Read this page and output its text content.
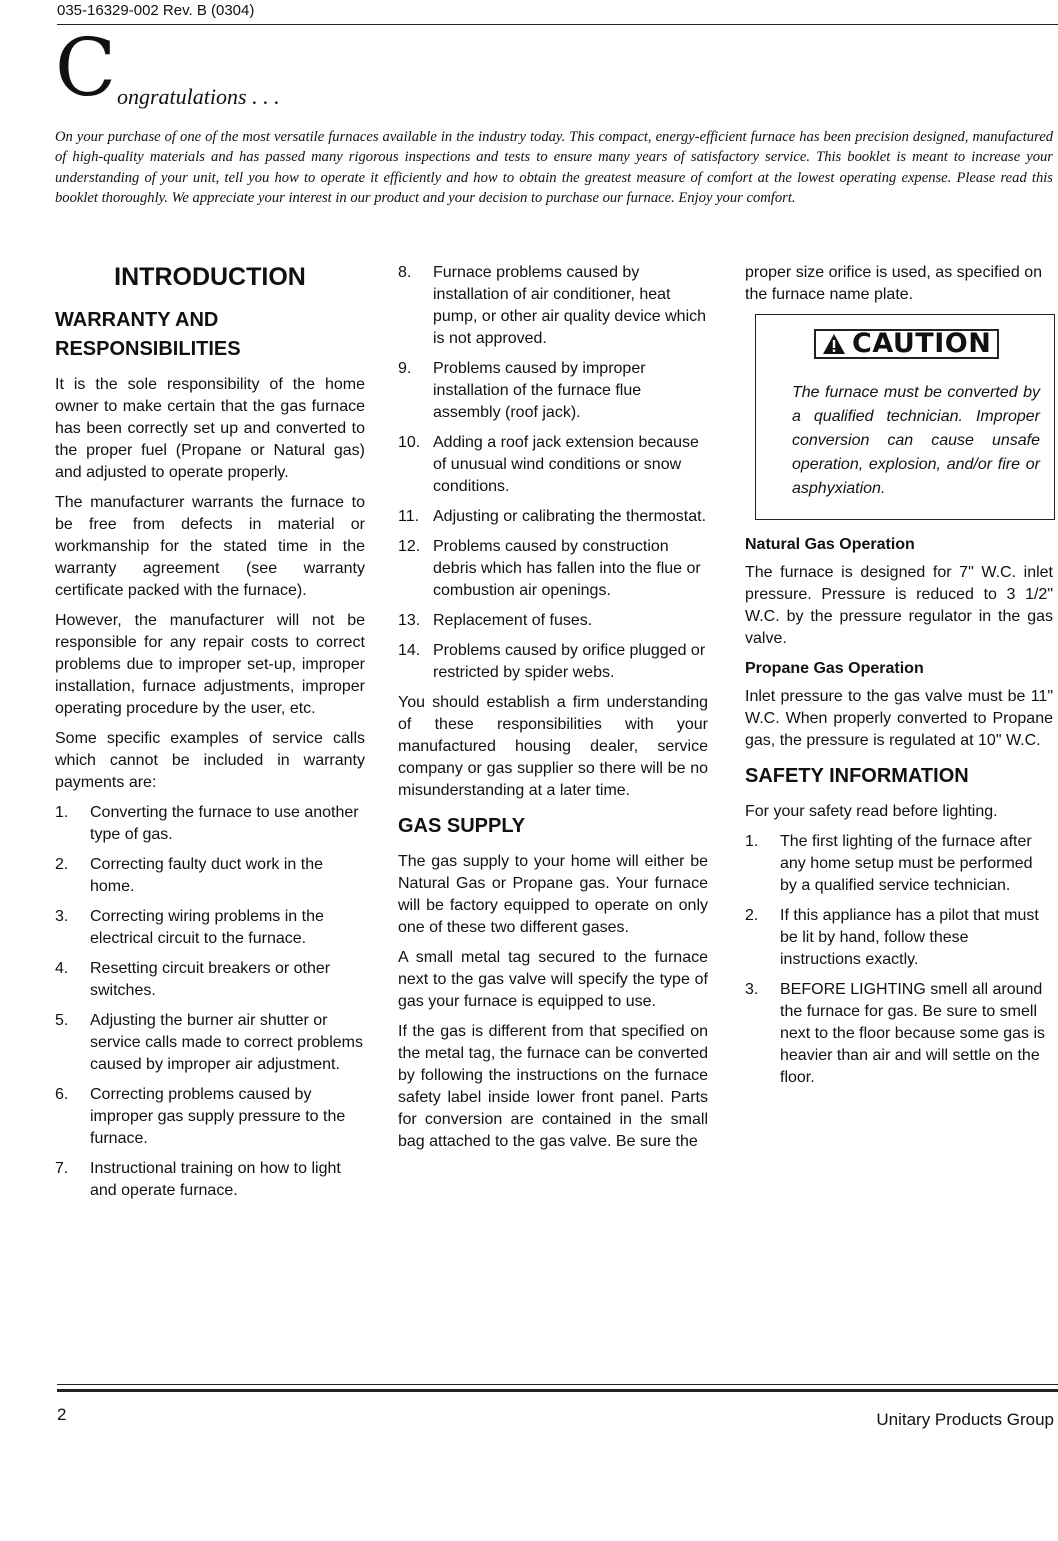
035-16329-002 Rev. B (0304)
C ongratulations . . .

On your purchase of one of the most versatile furnaces available in the industry today. This compact, energy-efficient furnace has been precision designed, manufactured of high-quality materials and has passed many rigorous inspections and tests to ensure many years of satisfactory service. This booklet is meant to increase your understanding of your unit, tell you how to operate it efficiently and how to obtain the greatest measure of comfort at the lowest operating expense. Please read this booklet thoroughly. We appreciate your interest in our product and your decision to purchase our furnace. Enjoy your comfort.

INTRODUCTION
WARRANTY AND RESPONSIBILITIES

It is the sole responsibility of the home owner to make certain that the gas furnace has been correctly set up and converted to the proper fuel (Propane or Natural gas) and adjusted to operate properly.

The manufacturer warrants the furnace to be free from defects in material or workmanship for the stated time in the warranty agreement (see warranty certificate packed with the furnace).

However, the manufacturer will not be responsible for any repair costs to correct problems due to improper set-up, improper installation, furnace adjustments, improper operating procedure by the user, etc.

Some specific examples of service calls which cannot be included in warranty payments are:

1. Converting the furnace to use another type of gas.
2. Correcting faulty duct work in the home.
3. Correcting wiring problems in the electrical circuit to the furnace.
4. Resetting circuit breakers or other switches.
5. Adjusting the burner air shutter or service calls made to correct problems caused by improper air adjustment.
6. Correcting problems caused by improper gas supply pressure to the furnace.
7. Instructional training on how to light and operate furnace.
8. Furnace problems caused by installation of air conditioner, heat pump, or other air quality device which is not approved.
9. Problems caused by improper installation of the furnace flue assembly (roof jack).
10. Adding a roof jack extension because of unusual wind conditions or snow conditions.
11. Adjusting or calibrating the thermostat.
12. Problems caused by construction debris which has fallen into the flue or combustion air openings.
13. Replacement of fuses.
14. Problems caused by orifice plugged or restricted by spider webs.

You should establish a firm understanding of these responsibilities with your manufactured housing dealer, service company or gas supplier so there will be no misunderstanding at a later time.

GAS SUPPLY

The gas supply to your home will either be Natural Gas or Propane gas. Your furnace will be factory equipped to operate on only one of these two different gases.

A small metal tag secured to the furnace next to the gas valve will specify the type of gas your furnace is equipped to use.

If the gas is different from that specified on the metal tag, the furnace can be converted by following the instructions on the furnace safety label inside lower front panel. Parts for conversion are contained in the small bag attached to the gas valve. Be sure the

proper size orifice is used, as specified on the furnace name plate.

CAUTION

The furnace must be converted by a qualified technician. Improper conversion can cause unsafe operation, explosion, and/or fire or asphyxiation.

Natural Gas Operation

The furnace is designed for 7" W.C. inlet pressure. Pressure is reduced to 3 1/2" W.C. by the pressure regulator in the gas valve.

Propane Gas Operation

Inlet pressure to the gas valve must be 11" W.C. When properly converted to Propane gas, the pressure is regulated at 10" W.C.

SAFETY INFORMATION

For your safety read before lighting.

1. The first lighting of the furnace after any home setup must be performed by a qualified service technician.
2. If this appliance has a pilot that must be lit by hand, follow these instructions exactly.
3. BEFORE LIGHTING smell all around the furnace for gas. Be sure to smell next to the floor because some gas is heavier than air and will settle on the floor.
2	Unitary Products Group
